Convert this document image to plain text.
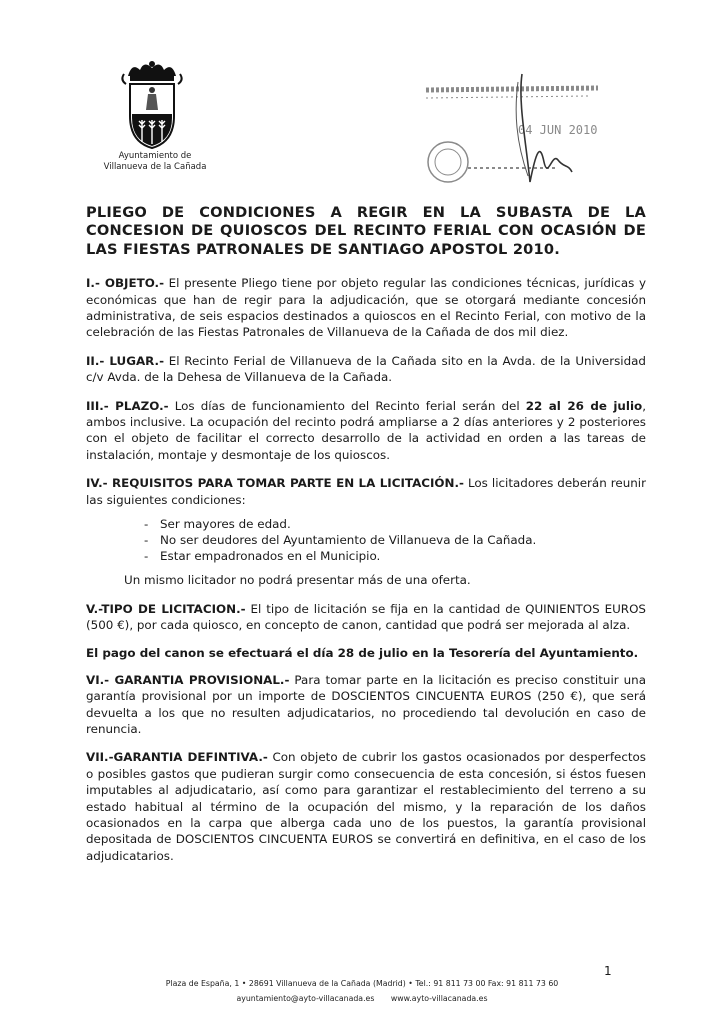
Ayuntamiento de
Villanueva de la Cañada
04 JUN 2010
PLIEGO DE CONDICIONES A REGIR EN LA SUBASTA DE LA CONCESION DE QUIOSCOS DEL RECINTO FERIAL CON OCASIÓN DE LAS FIESTAS PATRONALES DE SANTIAGO APOSTOL 2010.

I.- OBJETO.- El presente Pliego tiene por objeto regular las condiciones técnicas, jurídicas y económicas que han de regir para la adjudicación, que se otorgará mediante concesión administrativa, de seis espacios destinados a quioscos en el Recinto Ferial, con motivo de la celebración de las Fiestas Patronales de Villanueva de la Cañada de dos mil diez.

II.- LUGAR.- El Recinto Ferial de Villanueva de la Cañada sito en la Avda. de la Universidad c/v Avda. de la Dehesa de Villanueva de la Cañada.

III.- PLAZO.- Los días de funcionamiento del Recinto ferial serán del 22 al 26 de julio, ambos inclusive. La ocupación del recinto podrá ampliarse a 2 días anteriores y 2 posteriores con el objeto de facilitar el correcto desarrollo de la actividad en orden a las tareas de instalación, montaje y desmontaje de los quioscos.

IV.- REQUISITOS PARA TOMAR PARTE EN LA LICITACIÓN.- Los licitadores deberán reunir las siguientes condiciones:

- Ser mayores de edad.
- No ser deudores del Ayuntamiento de Villanueva de la Cañada.
- Estar empadronados en el Municipio.

Un mismo licitador no podrá presentar más de una oferta.

V.-TIPO DE LICITACION.- El tipo de licitación se fija en la cantidad de QUINIENTOS EUROS (500 €), por cada quiosco, en concepto de canon, cantidad que podrá ser mejorada al alza.

El pago del canon se efectuará el día 28 de julio en la Tesorería del Ayuntamiento.

VI.- GARANTIA PROVISIONAL.- Para tomar parte en la licitación es preciso constituir una garantía provisional por un importe de DOSCIENTOS CINCUENTA EUROS (250 €), que será devuelta a los que no resulten adjudicatarios, no procediendo tal devolución en caso de renuncia.

VII.-GARANTIA DEFINTIVA.- Con objeto de cubrir los gastos ocasionados por desperfectos o posibles gastos que pudieran surgir como consecuencia de esta concesión, si éstos fuesen imputables al adjudicatario, así como para garantizar el restablecimiento del terreno a su estado habitual al término de la ocupación del mismo, y la reparación de los daños ocasionados en la carpa que alberga cada uno de los puestos, la garantía provisional depositada de DOSCIENTOS CINCUENTA EUROS se convertirá en definitiva, en el caso de los adjudicatarios.

1
Plaza de España, 1 • 28691 Villanueva de la Cañada (Madrid) • Tel.: 91 811 73 00 Fax: 91 811 73 60
ayuntamiento@ayto-villacanada.es www.ayto-villacanada.es
